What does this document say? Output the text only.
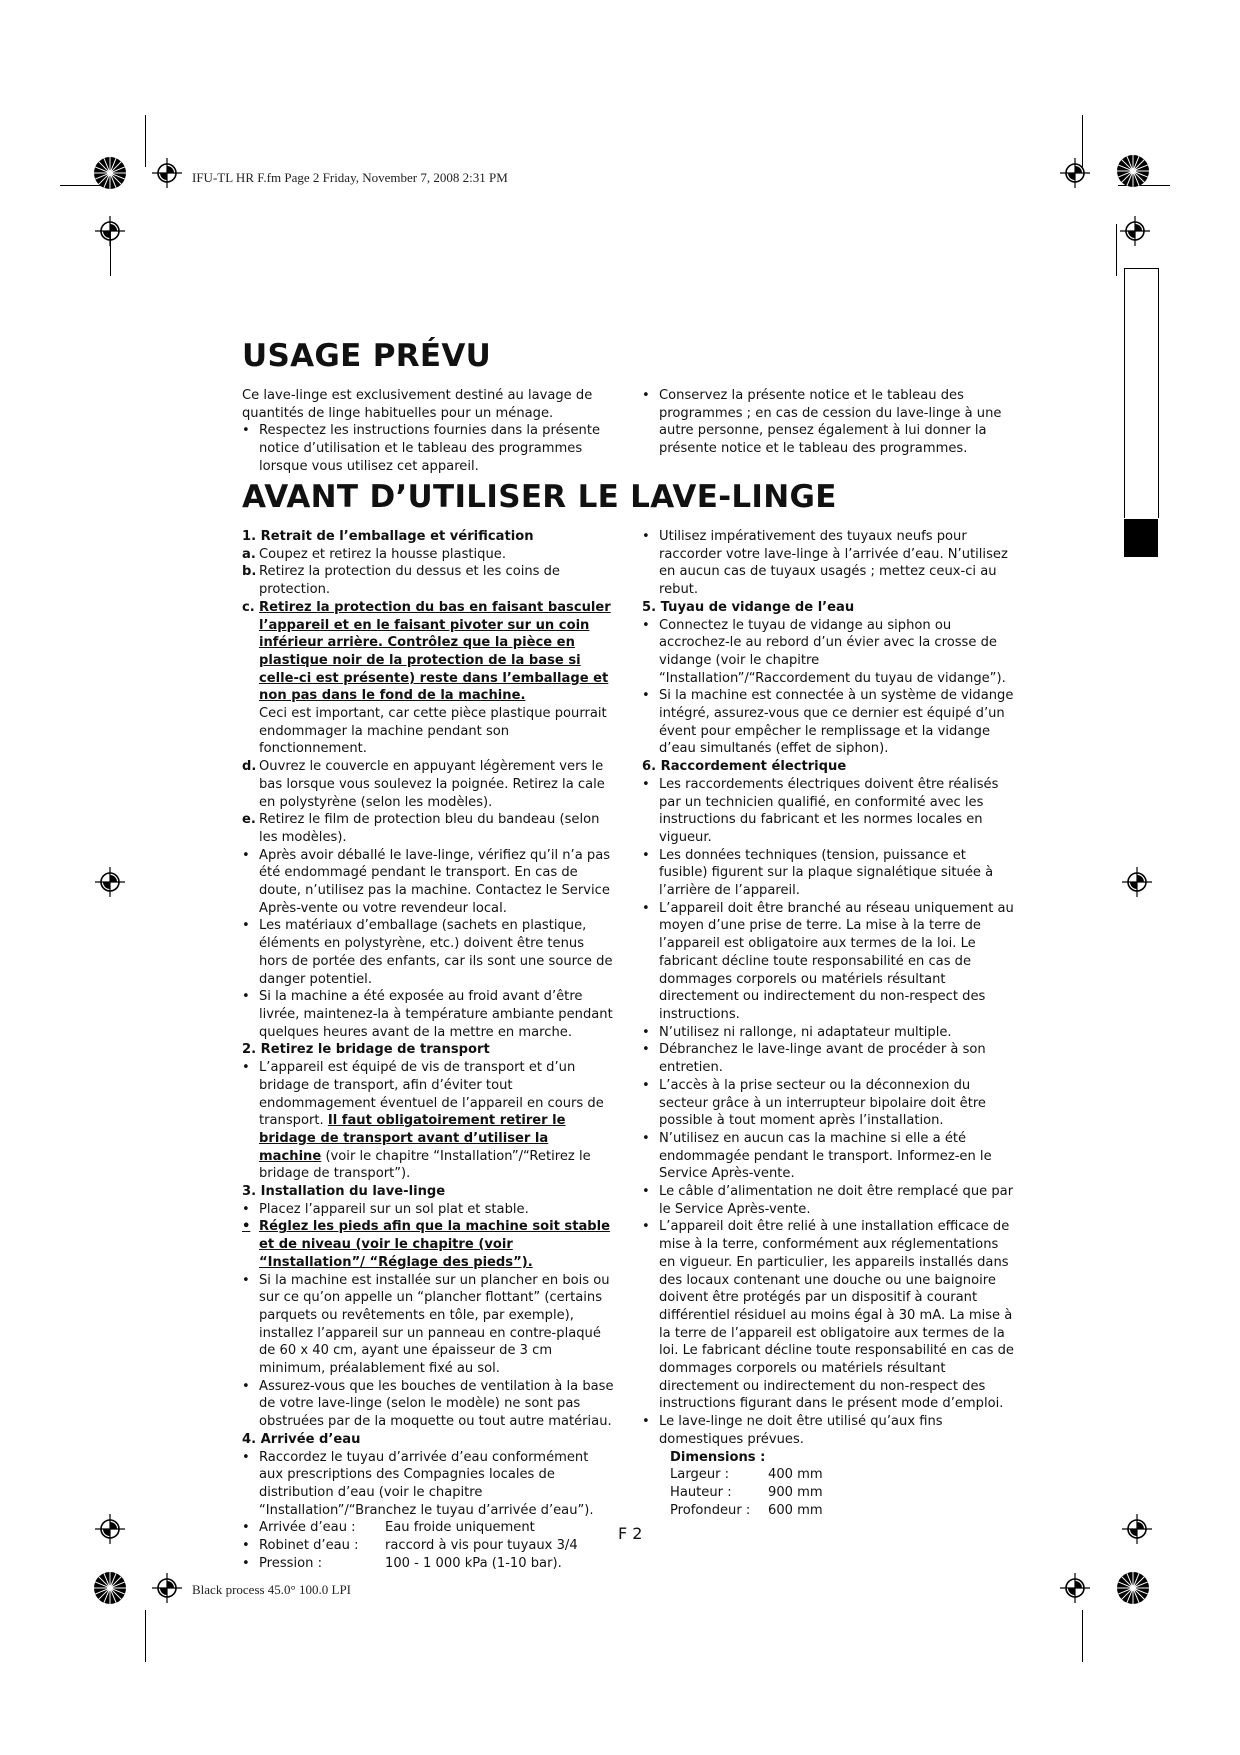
IFU-TL HR F.fm Page 2 Friday, November 7, 2008 2:31 PM
Black process 45.0° 100.0 LPI
USAGE PRÉVU

Ce lave-linge est exclusivement destiné au lavage de quantités de linge habituelles pour un ménage.

• Respectez les instructions fournies dans la présente notice d’utilisation et le tableau des programmes lorsque vous utilisez cet appareil.
• Conservez la présente notice et le tableau des programmes ; en cas de cession du lave-linge à une autre personne, pensez également à lui donner la présente notice et le tableau des programmes.
AVANT D’UTILISER LE LAVE-LINGE

1. Retrait de l’emballage et vérification

a. Coupez et retirez la housse plastique.
b. Retirez la protection du dessus et les coins de protection.
c. Retirez la protection du bas en faisant basculer l’appareil et en le faisant pivoter sur un coin inférieur arrière. Contrôlez que la pièce en plastique noir de la protection de la base si celle-ci est présente) reste dans l’emballage et non pas dans le fond de la machine.

Ceci est important, car cette pièce plastique pourrait endommager la machine pendant son fonctionnement.

d. Ouvrez le couvercle en appuyant légèrement vers le bas lorsque vous soulevez la poignée. Retirez la cale en polystyrène (selon les modèles).
e. Retirez le film de protection bleu du bandeau (selon les modèles).
• Après avoir déballé le lave-linge, vérifiez qu’il n’a pas été endommagé pendant le transport. En cas de doute, n’utilisez pas la machine. Contactez le Service Après-vente ou votre revendeur local.
• Les matériaux d’emballage (sachets en plastique, éléments en polystyrène, etc.) doivent être tenus hors de portée des enfants, car ils sont une source de danger potentiel.
• Si la machine a été exposée au froid avant d’être livrée, maintenez-la à température ambiante pendant quelques heures avant de la mettre en marche.

2. Retirez le bridage de transport

• L’appareil est équipé de vis de transport et d’un bridage de transport, afin d’éviter tout endommagement éventuel de l’appareil en cours de transport. Il faut obligatoirement retirer le bridage de transport avant d’utiliser la machine (voir le chapitre “Installation”/“Retirez le bridage de transport”).

3. Installation du lave-linge

• Placez l’appareil sur un sol plat et stable.
• Réglez les pieds afin que la machine soit stable et de niveau (voir le chapitre (voir “Installation”/ “Réglage des pieds”).
• Si la machine est installée sur un plancher en bois ou sur ce qu’on appelle un “plancher flottant” (certains parquets ou revêtements en tôle, par exemple), installez l’appareil sur un panneau en contre-plaqué de 60 x 40 cm, ayant une épaisseur de 3 cm minimum, préalablement fixé au sol.
• Assurez-vous que les bouches de ventilation à la base de votre lave-linge (selon le modèle) ne sont pas obstruées par de la moquette ou tout autre matériau.

4. Arrivée d’eau

• Raccordez le tuyau d’arrivée d’eau conformément aux prescriptions des Compagnies locales de distribution d’eau (voir le chapitre “Installation”/“Branchez le tuyau d’arrivée d’eau”).
• Arrivée d’eau :	Eau froide uniquement
• Robinet d’eau :	raccord à vis pour tuyaux 3/4
• Pression :	100 - 1 000 kPa (1-10 bar).
• Utilisez impérativement des tuyaux neufs pour raccorder votre lave-linge à l’arrivée d’eau. N’utilisez en aucun cas de tuyaux usagés ; mettez ceux-ci au rebut.

5. Tuyau de vidange de l’eau

• Connectez le tuyau de vidange au siphon ou accrochez-le au rebord d’un évier avec la crosse de vidange (voir le chapitre “Installation”/“Raccordement du tuyau de vidange”).
• Si la machine est connectée à un système de vidange intégré, assurez-vous que ce dernier est équipé d’un évent pour empêcher le remplissage et la vidange d’eau simultanés (effet de siphon).

6. Raccordement électrique

• Les raccordements électriques doivent être réalisés par un technicien qualifié, en conformité avec les instructions du fabricant et les normes locales en vigueur.
• Les données techniques (tension, puissance et fusible) figurent sur la plaque signalétique située à l’arrière de l’appareil.
• L’appareil doit être branché au réseau uniquement au moyen d’une prise de terre. La mise à la terre de l’appareil est obligatoire aux termes de la loi. Le fabricant décline toute responsabilité en cas de dommages corporels ou matériels résultant directement ou indirectement du non-respect des instructions.
• N’utilisez ni rallonge, ni adaptateur multiple.
• Débranchez le lave-linge avant de procéder à son entretien.
• L’accès à la prise secteur ou la déconnexion du secteur grâce à un interrupteur bipolaire doit être possible à tout moment après l’installation.
• N’utilisez en aucun cas la machine si elle a été endommagée pendant le transport. Informez-en le Service Après-vente.
• Le câble d’alimentation ne doit être remplacé que par le Service Après-vente.
• L’appareil doit être relié à une installation efficace de mise à la terre, conformément aux réglementations en vigueur. En particulier, les appareils installés dans des locaux contenant une douche ou une baignoire doivent être protégés par un dispositif à courant différentiel résiduel au moins égal à 30 mA. La mise à la terre de l’appareil est obligatoire aux termes de la loi. Le fabricant décline toute responsabilité en cas de dommages corporels ou matériels résultant directement ou indirectement du non-respect des instructions figurant dans le présent mode d’emploi.
• Le lave-linge ne doit être utilisé qu’aux fins domestiques prévues.
Dimensions :
Largeur :	400 mm
Hauteur :	900 mm
Profondeur :	600 mm
F 2
